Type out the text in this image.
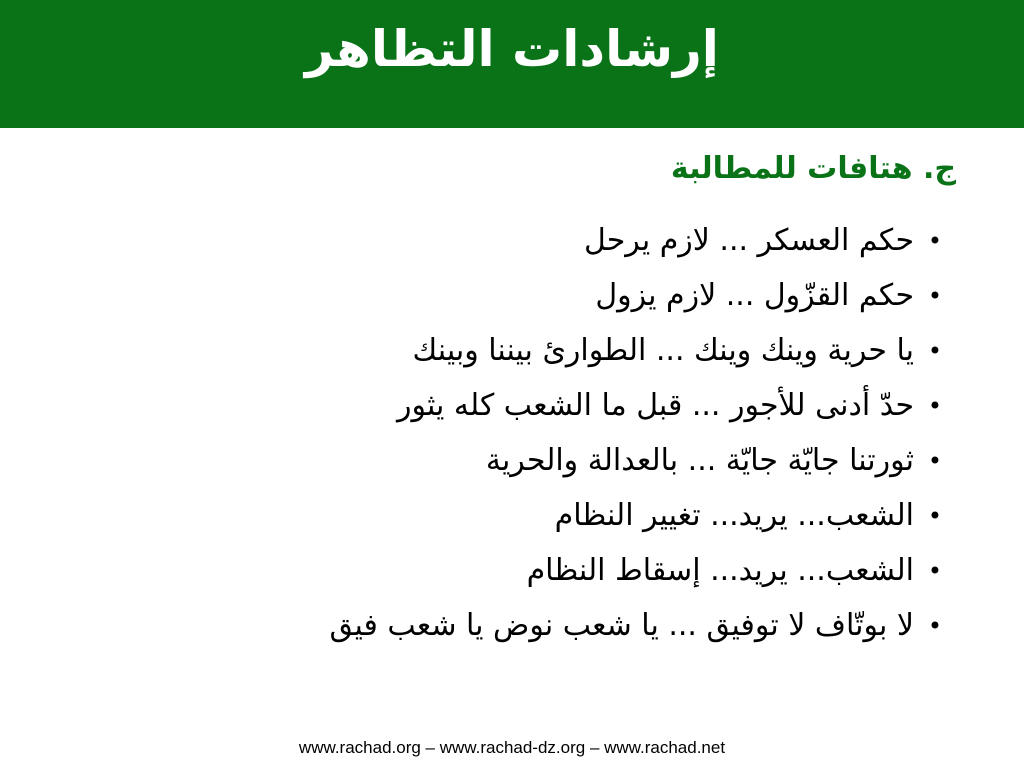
إرشادات التظاهر
ج. هتافات للمطالبة
•
حكم العسكر ... لازم يرحل
•
حكم القزّول ... لازم يزول
•
يا حرية وينك وينك ... الطوارئ بيننا وبينك
•
حدّ أدنى للأجور ... قبل ما الشعب كله يثور
•
ثورتنا جايّة جايّة ... بالعدالة والحرية
•
الشعب... يريد... تغيير النظام
•
الشعب... يريد... إسقاط النظام
•
لا بوتّاف لا توفيق ... يا شعب نوض يا شعب فيق
www.rachad.org – www.rachad-dz.org – www.rachad.net
